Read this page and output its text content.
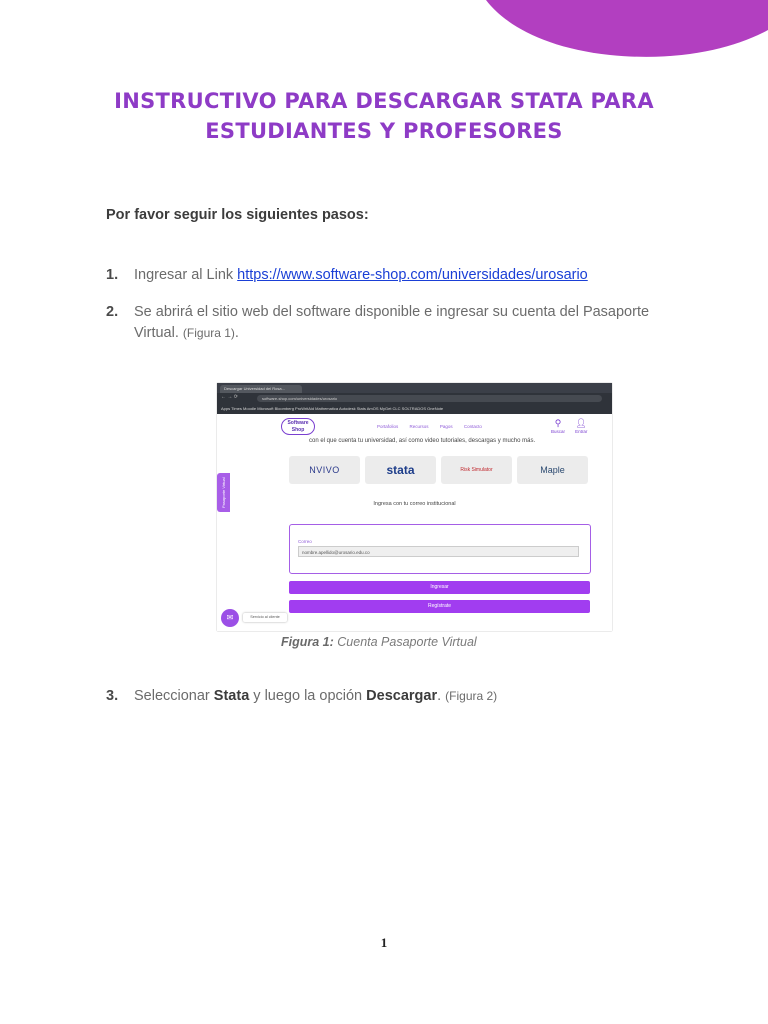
INSTRUCTIVO PARA DESCARGAR STATA PARA
ESTUDIANTES Y PROFESORES
Por favor seguir los siguientes pasos:
1. Ingresar al Link https://www.software-shop.com/universidades/urosario
2. Se abrirá el sitio web del software disponible e ingresar su cuenta del Pasaporte Virtual. (Figura 1).
Descargar Universidad del Rosa...
← → ⟳	software-shop.com/universidades/urosario
Apps Times Moodle Microsoft Bloomberg ProWritAid Mathematica Autodesk Stats AmOS MyGet CLC SOLTRADOS OneNote
Software
Shop
Portafolios	Recursos	Pagos	Contacto	⚲
Buscar 👤︎
Entrar
con el que cuenta tu universidad, así como video tutoriales, descargas y mucho más.
NVIVO	stata	Risk Simulator	Maple
Ingresa con tu correo institucional
Correo
nombre.apellido@urosario.edu.co
Ingresar
Regístrate
Pasaporte Virtual
✉	Servicio al cliente
Figura 1: Cuenta Pasaporte Virtual
3. Seleccionar Stata y luego la opción Descargar. (Figura 2)
1
